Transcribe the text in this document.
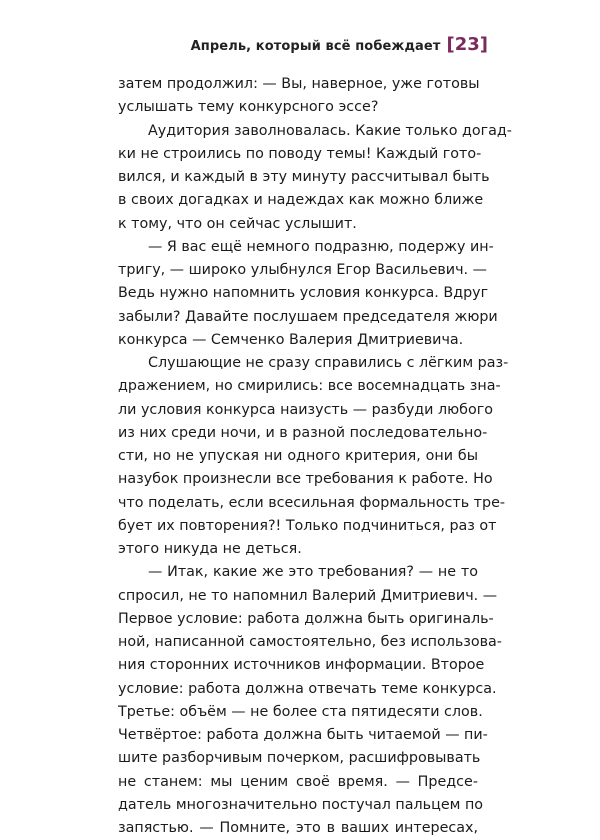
Апрель, который всё побеждает [23]
затем продолжил: — Вы, наверное, уже готовы
услышать тему конкурсного эссе?
Аудитория заволновалась. Какие только догад-
ки не строились по поводу темы! Каждый гото-
вился, и каждый в эту минуту рассчитывал быть
в своих догадках и надеждах как можно ближе
к тому, что он сейчас услышит.
— Я вас ещё немного подразню, подержу ин-
тригу, — широко улыбнулся Егор Васильевич. —
Ведь нужно напомнить условия конкурса. Вдруг
забыли? Давайте послушаем председателя жюри
конкурса — Семченко Валерия Дмитриевича.
Слушающие не сразу справились с лёгким раз-
дражением, но смирились: все восемнадцать зна-
ли условия конкурса наизусть — разбуди любого
из них среди ночи, и в разной последовательно-
сти, но не упуская ни одного критерия, они бы
назубок произнесли все требования к работе. Но
что поделать, если всесильная формальность тре-
бует их повторения?! Только подчиниться, раз от
этого никуда не деться.
— Итак, какие же это требования? — не то
спросил, не то напомнил Валерий Дмитриевич. —
Первое условие: работа должна быть оригиналь-
ной, написанной самостоятельно, без использова-
ния сторонних источников информации. Второе
условие: работа должна отвечать теме конкурса.
Третье: объём — не более ста пятидесяти слов.
Четвёртое: работа должна быть читаемой — пи-
шите разборчивым почерком, расшифровывать
не станем: мы ценим своё время. — Предсе-
датель многозначительно постучал пальцем по
запястью. — Помните, это в ваших интересах,
